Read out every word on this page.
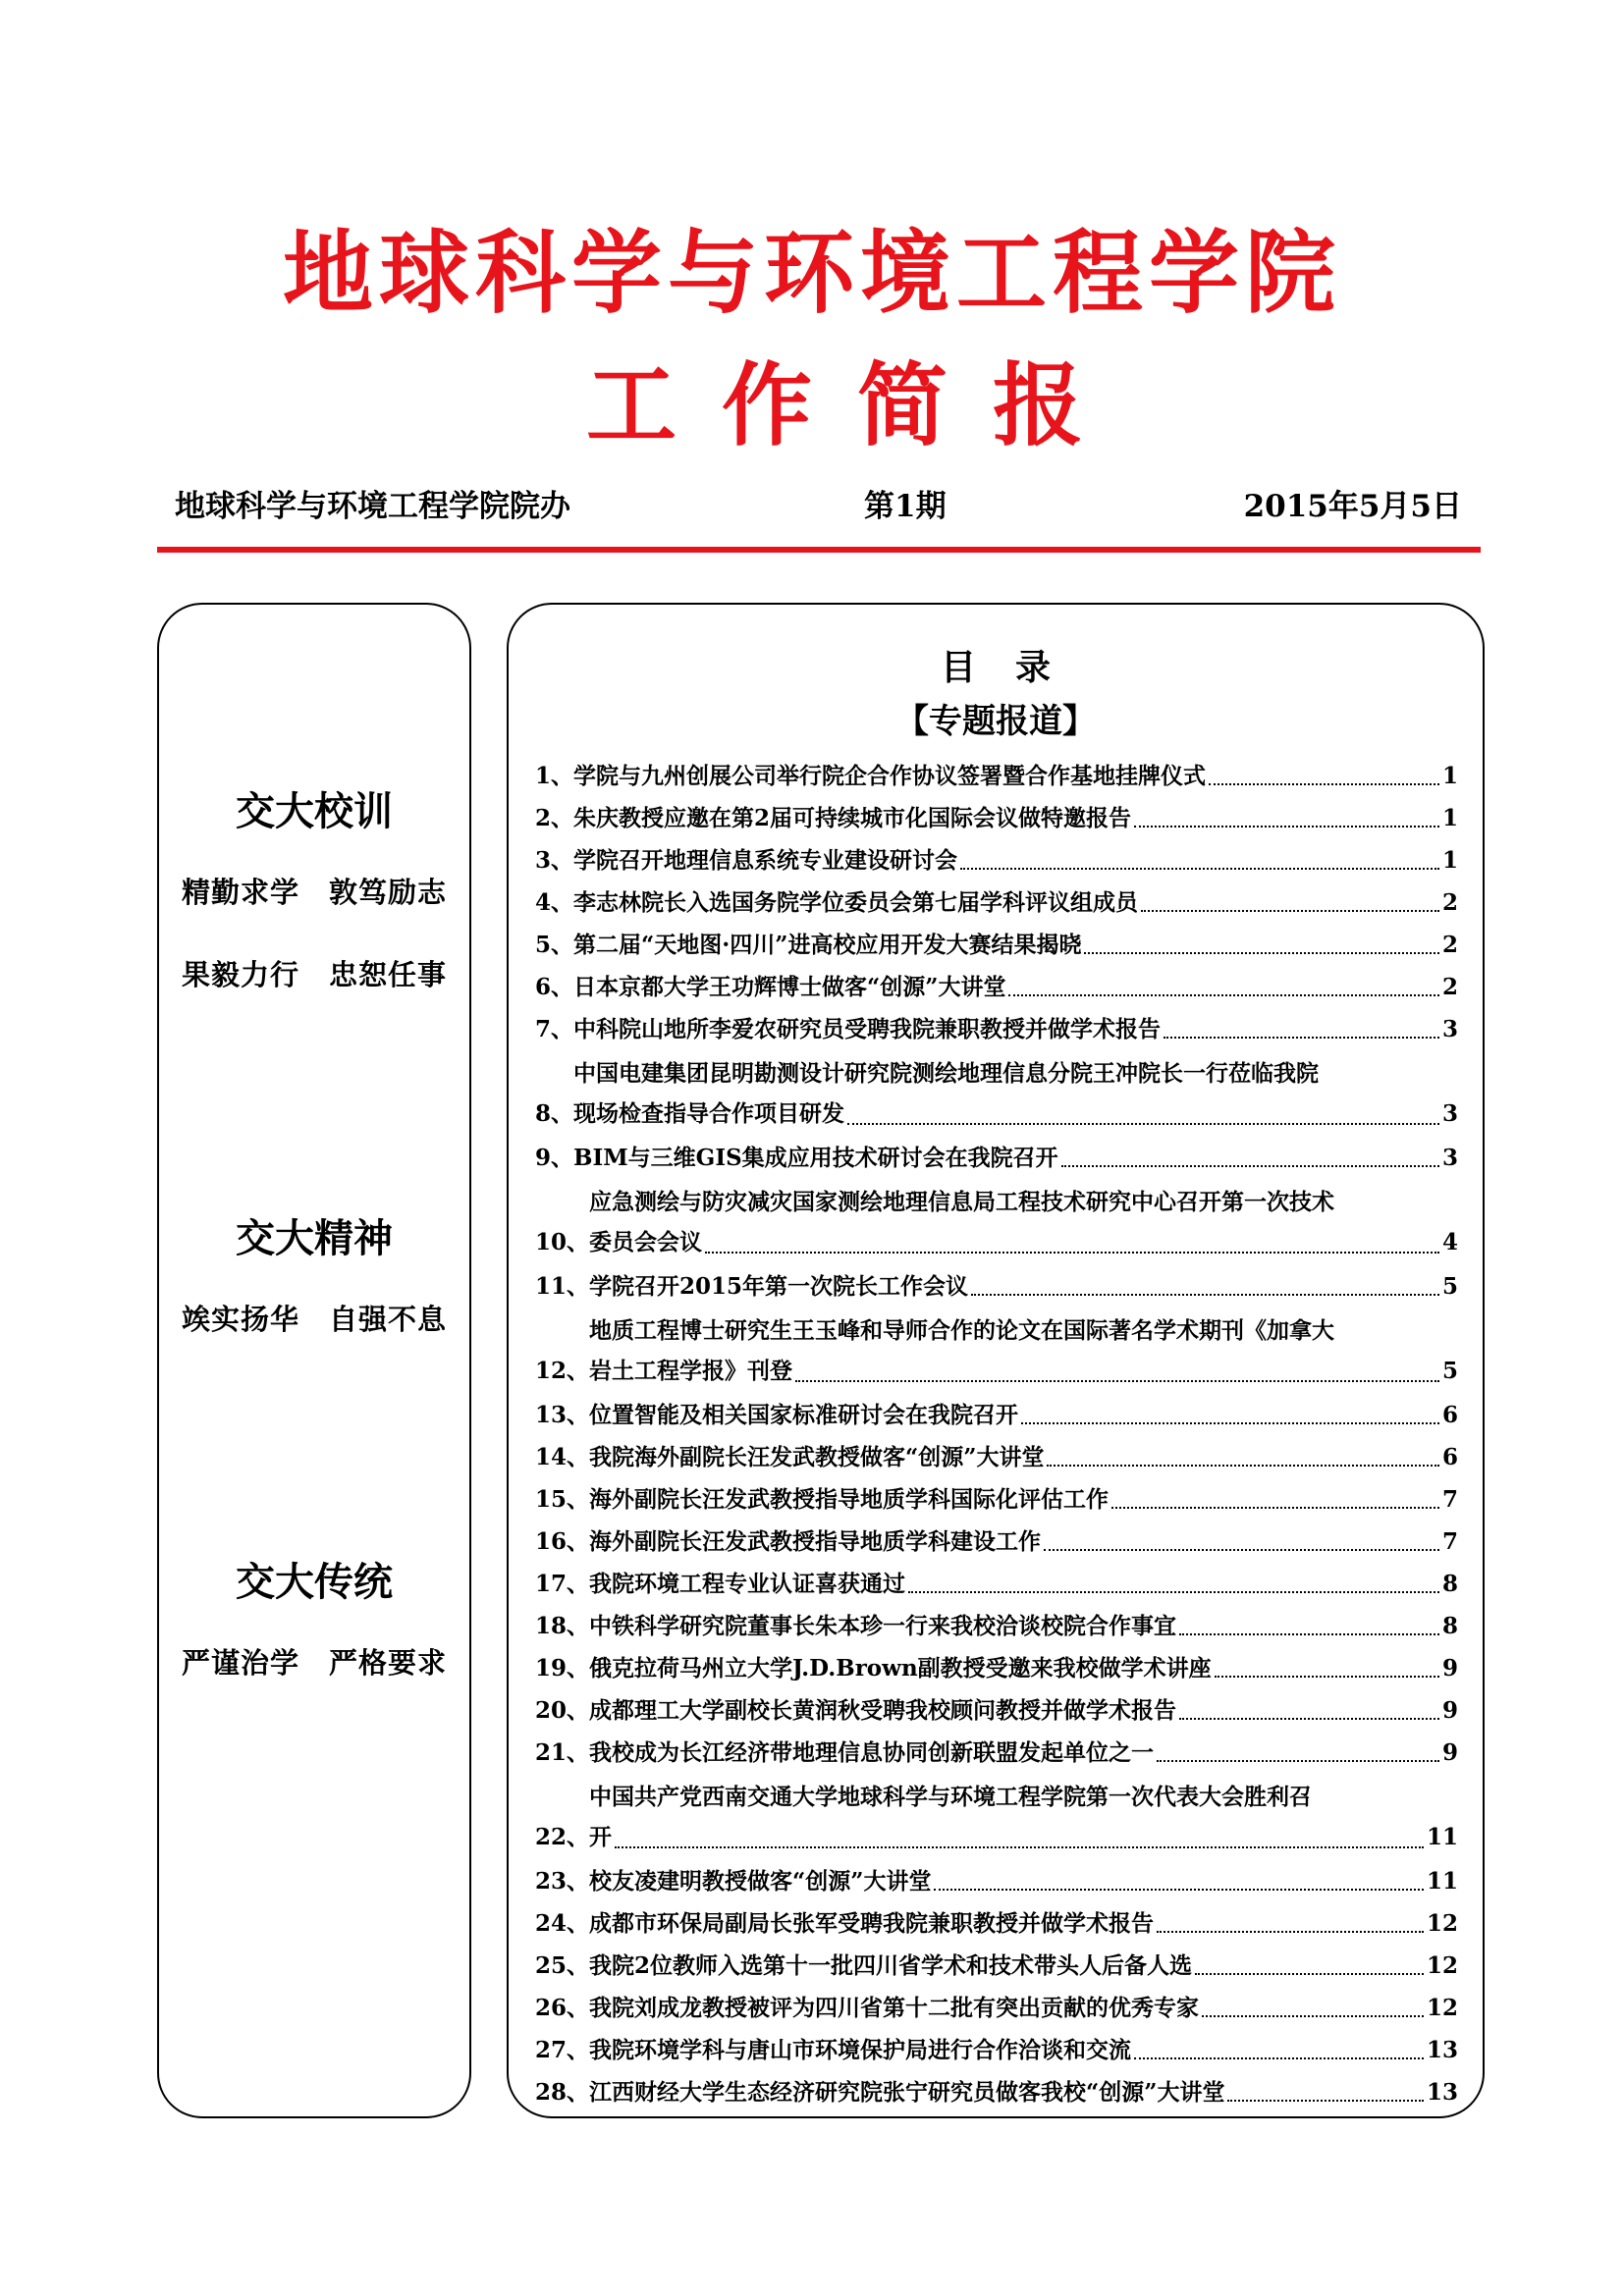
地球科学与环境工程学院
工作简报
地球科学与环境工程学院院办	第1期	2015年5月5日
交大校训
精勤求学 敦笃励志
果毅力行 忠恕任事
交大精神
竢实扬华 自强不息
交大传统
严谨治学 严格要求
目录
【专题报道】
1、 学院与九州创展公司举行院企合作协议签署暨合作基地挂牌仪式	1
2、 朱庆教授应邀在第2届可持续城市化国际会议做特邀报告	1
3、 学院召开地理信息系统专业建设研讨会	1
4、 李志林院长入选国务院学位委员会第七届学科评议组成员	2
5、 第二届“天地图·四川”进高校应用开发大赛结果揭晓	2
6、 日本京都大学王功辉博士做客“创源”大讲堂	2
7、 中科院山地所李爱农研究员受聘我院兼职教授并做学术报告	3
8、
中国电建集团昆明勘测设计研究院测绘地理信息分院王冲院长一行莅临我院
现场检查指导合作项目研发	3
9、 BIM与三维GIS集成应用技术研讨会在我院召开	3
10、
应急测绘与防灾减灾国家测绘地理信息局工程技术研究中心召开第一次技术
委员会会议	4
11、 学院召开2015年第一次院长工作会议	5
12、
地质工程博士研究生王玉峰和导师合作的论文在国际著名学术期刊《加拿大
岩土工程学报》刊登	5
13、 位置智能及相关国家标准研讨会在我院召开	6
14、 我院海外副院长汪发武教授做客“创源”大讲堂	6
15、 海外副院长汪发武教授指导地质学科国际化评估工作	7
16、 海外副院长汪发武教授指导地质学科建设工作	7
17、 我院环境工程专业认证喜获通过	8
18、 中铁科学研究院董事长朱本珍一行来我校洽谈校院合作事宜	8
19、 俄克拉荷马州立大学J.D.Brown副教授受邀来我校做学术讲座	9
20、 成都理工大学副校长黄润秋受聘我校顾问教授并做学术报告	9
21、 我校成为长江经济带地理信息协同创新联盟发起单位之一	9
22、
中国共产党西南交通大学地球科学与环境工程学院第一次代表大会胜利召
开	11
23、 校友凌建明教授做客“创源”大讲堂	11
24、 成都市环保局副局长张军受聘我院兼职教授并做学术报告	12
25、 我院2位教师入选第十一批四川省学术和技术带头人后备人选	12
26、 我院刘成龙教授被评为四川省第十二批有突出贡献的优秀专家	12
27、 我院环境学科与唐山市环境保护局进行合作洽谈和交流	13
28、 江西财经大学生态经济研究院张宁研究员做客我校“创源”大讲堂	13
